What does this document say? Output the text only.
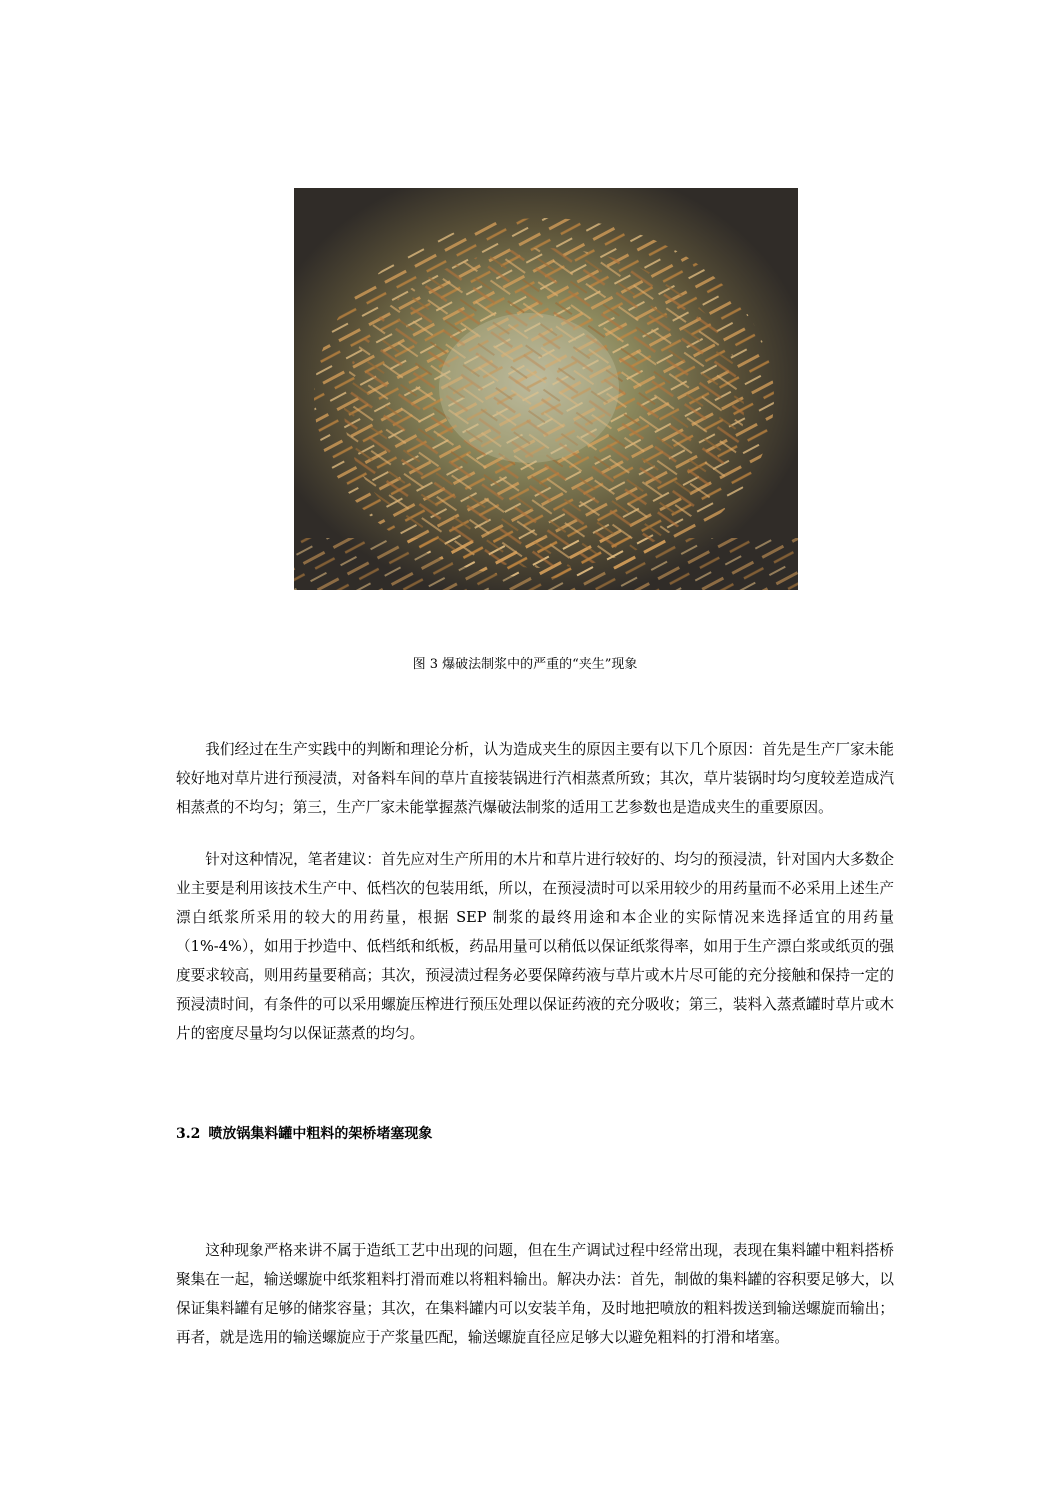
图 3 爆破法制浆中的严重的“夹生”现象

我们经过在生产实践中的判断和理论分析，认为造成夹生的原因主要有以下几个原因：首先是生产厂家未能较好地对草片进行预浸渍，对备料车间的草片直接装锅进行汽相蒸煮所致；其次，草片装锅时均匀度较差造成汽相蒸煮的不均匀；第三，生产厂家未能掌握蒸汽爆破法制浆的适用工艺参数也是造成夹生的重要原因。

针对这种情况，笔者建议：首先应对生产所用的木片和草片进行较好的、均匀的预浸渍，针对国内大多数企业主要是利用该技术生产中、低档次的包装用纸，所以，在预浸渍时可以采用较少的用药量而不必采用上述生产漂白纸浆所采用的较大的用药量，根据 SEP 制浆的最终用途和本企业的实际情况来选择适宜的用药量（1%-4%），如用于抄造中、低档纸和纸板，药品用量可以稍低以保证纸浆得率，如用于生产漂白浆或纸页的强度要求较高，则用药量要稍高；其次，预浸渍过程务必要保障药液与草片或木片尽可能的充分接触和保持一定的预浸渍时间，有条件的可以采用螺旋压榨进行预压处理以保证药液的充分吸收；第三，装料入蒸煮罐时草片或木片的密度尽量均匀以保证蒸煮的均匀。

3.2 喷放锅集料罐中粗料的架桥堵塞现象

这种现象严格来讲不属于造纸工艺中出现的问题，但在生产调试过程中经常出现，表现在集料罐中粗料搭桥聚集在一起，输送螺旋中纸浆粗料打滑而难以将粗料输出。解决办法：首先，制做的集料罐的容积要足够大，以保证集料罐有足够的储浆容量；其次，在集料罐内可以安装羊角，及时地把喷放的粗料拨送到输送螺旋而输出；再者，就是选用的输送螺旋应于产浆量匹配，输送螺旋直径应足够大以避免粗料的打滑和堵塞。
